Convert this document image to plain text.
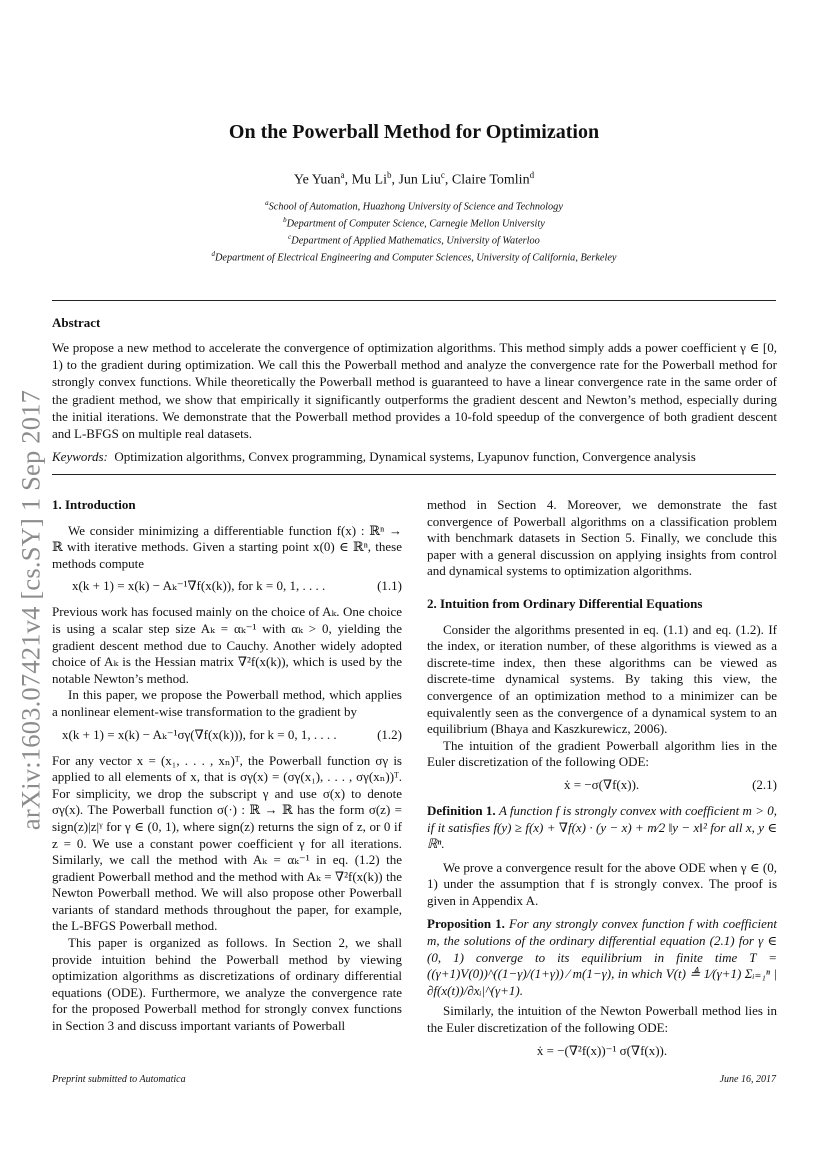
arXiv:1603.07421v4 [cs.SY] 1 Sep 2017
On the Powerball Method for Optimization
Ye Yuan$^a$, Mu Li$^b$, Jun Liu$^c$, Claire Tomlin$^d$
$^a$School of Automation, Huazhong University of Science and Technology
$^b$Department of Computer Science, Carnegie Mellon University
$^c$Department of Applied Mathematics, University of Waterloo
$^d$Department of Electrical Engineering and Computer Sciences, University of California, Berkeley
Abstract
We propose a new method to accelerate the convergence of optimization algorithms. This method simply adds a power coefficient γ ∈ [0, 1) to the gradient during optimization. We call this the Powerball method and analyze the convergence rate for the Powerball method for strongly convex functions. While theoretically the Powerball method is guaranteed to have a linear convergence rate in the same order of the gradient method, we show that empirically it significantly outperforms the gradient descent and Newton’s method, especially during the initial iterations. We demonstrate that the Powerball method provides a 10-fold speedup of the convergence of both gradient descent and L-BFGS on multiple real datasets.
Keywords: Optimization algorithms, Convex programming, Dynamical systems, Lyapunov function, Convergence analysis

1. Introduction

We consider minimizing a differentiable function f(x) : ℝⁿ → ℝ with iterative methods. Given a starting point x(0) ∈ ℝⁿ, these methods compute

x(k + 1) = x(k) − Aₖ⁻¹∇f(x(k)), for k = 0, 1, . . . .	(1.1)

Previous work has focused mainly on the choice of Aₖ. One choice is using a scalar step size Aₖ = αₖ⁻¹ with αₖ > 0, yielding the gradient descent method due to Cauchy. Another widely adopted choice of Aₖ is the Hessian matrix ∇²f(x(k)), which is used by the notable Newton’s method.

In this paper, we propose the Powerball method, which applies a nonlinear element-wise transformation to the gradient by

x(k + 1) = x(k) − Aₖ⁻¹σγ(∇f(x(k))), for k = 0, 1, . . . .	(1.2)

For any vector x = (x₁, . . . , xₙ)ᵀ, the Powerball function σγ is applied to all elements of x, that is σγ(x) = (σγ(x₁), . . . , σγ(xₙ))ᵀ. For simplicity, we drop the subscript γ and use σ(x) to denote σγ(x). The Powerball function σ(·) : ℝ → ℝ has the form σ(z) = sign(z)|z|ᵞ for γ ∈ (0, 1), where sign(z) returns the sign of z, or 0 if z = 0. We use a constant power coefficient γ for all iterations. Similarly, we call the method with Aₖ = αₖ⁻¹ in eq. (1.2) the gradient Powerball method and the method with Aₖ = ∇²f(x(k)) the Newton Powerball method. We will also propose other Powerball variants of standard methods throughout the paper, for example, the L-BFGS Powerball method.

This paper is organized as follows. In Section 2, we shall provide intuition behind the Powerball method by viewing optimization algorithms as discretizations of ordinary differential equations (ODE). Furthermore, we analyze the convergence rate for the proposed Powerball method for strongly convex functions in Section 3 and discuss important variants of Powerball

method in Section 4. Moreover, we demonstrate the fast convergence of Powerball algorithms on a classification problem with benchmark datasets in Section 5. Finally, we conclude this paper with a general discussion on applying insights from control and dynamical systems to optimization algorithms.

2. Intuition from Ordinary Differential Equations

Consider the algorithms presented in eq. (1.1) and eq. (1.2). If the index, or iteration number, of these algorithms is viewed as a discrete-time index, then these algorithms can be viewed as discrete-time dynamical systems. By taking this view, the convergence of an optimization method to a minimizer can be equivalently seen as the convergence of a dynamical system to an equilibrium (Bhaya and Kaszkurewicz, 2006).

The intuition of the gradient Powerball algorithm lies in the Euler discretization of the following ODE:

ẋ = −σ(∇f(x)).	(2.1)

Definition 1. A function f is strongly convex with coefficient m > 0, if it satisfies f(y) ≥ f(x) + ∇f(x) · (y − x) + m⁄2 ‖y − x‖² for all x, y ∈ ℝⁿ.

We prove a convergence result for the above ODE when γ ∈ (0, 1) under the assumption that f is strongly convex. The proof is given in Appendix A.

Proposition 1. For any strongly convex function f with coefficient m, the solutions of the ordinary differential equation (2.1) for γ ∈ (0, 1) converge to its equilibrium in finite time T = ((γ+1)V(0))^((1−γ)/(1+γ)) ⁄ m(1−γ), in which V(t) ≜ 1⁄(γ+1) Σᵢ₌₁ⁿ |∂f(x(t))/∂xᵢ|^(γ+1).

Similarly, the intuition of the Newton Powerball method lies in the Euler discretization of the following ODE:

ẋ = −(∇²f(x))⁻¹ σ(∇f(x)).
Preprint submitted to Automatica	June 16, 2017
